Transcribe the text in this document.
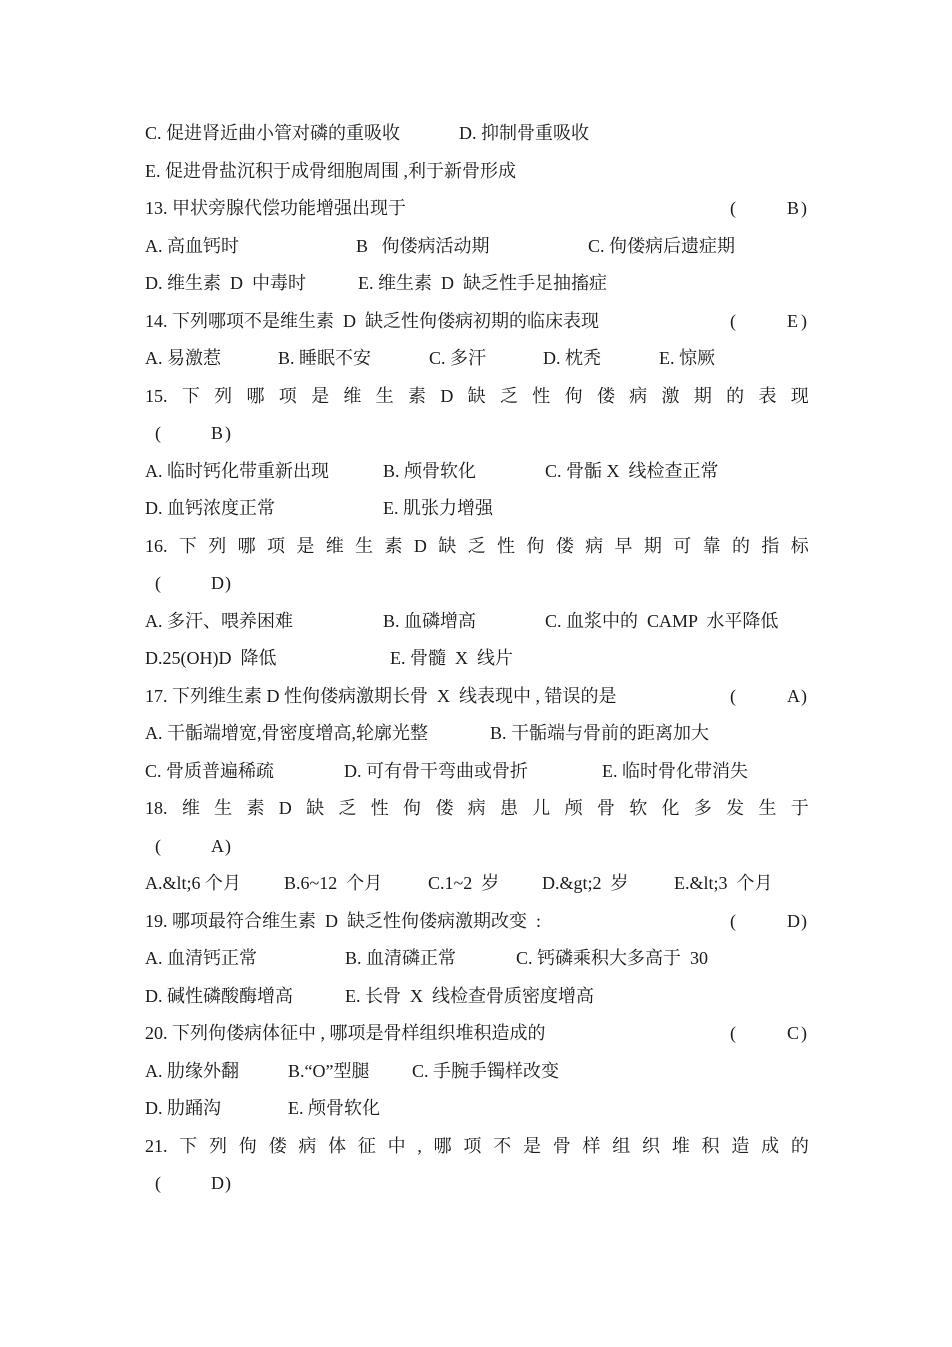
C. 促进肾近曲小管对磷的重吸收	D. 抑制骨重吸收
E. 促进骨盐沉积于成骨细胞周围 ,利于新骨形成
13. 甲状旁腺代偿功能增强出现于	(	B )
A. 高血钙时	B   佝偻病活动期	C. 佝偻病后遗症期
D. 维生素  D  中毒时	E. 维生素  D  缺乏性手足抽搐症
14. 下列哪项不是维生素  D  缺乏性佝偻病初期的临床表现	(	E )
A. 易激惹	B. 睡眠不安	C. 多汗	D. 枕秃	E. 惊厥
15. 下 列 哪 项 是 维 生 素 D 缺 乏 性 佝 偻 病 激 期 的 表 现
(	B )
A. 临时钙化带重新出现	B. 颅骨软化	C. 骨骺 X  线检查正常
D. 血钙浓度正常	E. 肌张力增强
16. 下 列 哪 项 是 维 生 素 D 缺 乏 性 佝 偻 病 早 期 可 靠 的 指 标
(	D )
A. 多汗、喂养困难	B. 血磷增高	C. 血浆中的  CAMP  水平降低
D.25(OH)D  降低	E. 骨髓  X  线片
17. 下列维生素 D 性佝偻病激期长骨  X  线表现中 , 错误的是	(	A )
A. 干骺端增宽,骨密度增高,轮廓光整	B. 干骺端与骨前的距离加大
C. 骨质普遍稀疏	D. 可有骨干弯曲或骨折	E. 临时骨化带消失
18. 维 生 素 D 缺 乏 性 佝 偻 病 患 儿 颅 骨 软 化 多 发 生 于
(	A )
A.&lt;6 个月 B.6~12  个月	C.1~2  岁 D.&gt;2  岁	E.&lt;3  个月
19. 哪项最符合维生素  D  缺乏性佝偻病激期改变  :	(	D )
A. 血清钙正常	B. 血清磷正常	C. 钙磷乘积大多高于  30
D. 碱性磷酸酶增高	E. 长骨  X  线检查骨质密度增高
20. 下列佝偻病体征中 , 哪项是骨样组织堆积造成的	(	C )
A. 肋缘外翻	B.“O”型腿 C. 手腕手镯样改变
D. 肋踊沟	E. 颅骨软化
21. 下 列 佝 偻 病 体 征 中 , 哪 项 不 是 骨 样 组 织 堆 积 造 成 的
(	D )
